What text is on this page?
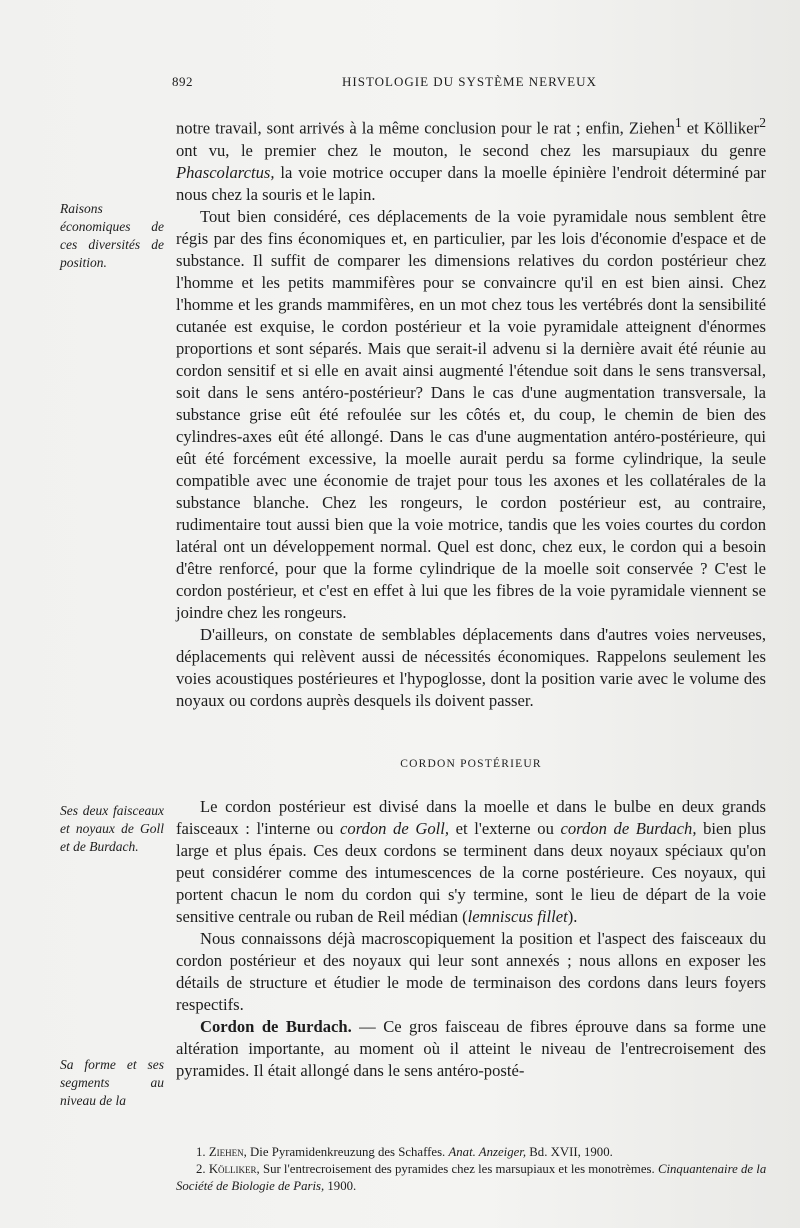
892	HISTOLOGIE DU SYSTÈME NERVEUX
Raisons économiques de ces diversités de position.
Ses deux faisceaux et noyaux de Goll et de Burdach.
Sa forme et ses segments au niveau de la

notre travail, sont arrivés à la même conclusion pour le rat ; enfin, Ziehen$^1$ et Kölliker$^2$ ont vu, le premier chez le mouton, le second chez les marsupiaux du genre Phascolarctus, la voie motrice occuper dans la moelle épinière l'endroit déterminé par nous chez la souris et le lapin.

Tout bien considéré, ces déplacements de la voie pyramidale nous semblent être régis par des fins économiques et, en particulier, par les lois d'économie d'espace et de substance. Il suffit de comparer les dimensions relatives du cordon postérieur chez l'homme et les petits mammifères pour se convaincre qu'il en est bien ainsi. Chez l'homme et les grands mammifères, en un mot chez tous les vertébrés dont la sensibilité cutanée est exquise, le cordon postérieur et la voie pyramidale atteignent d'énormes proportions et sont séparés. Mais que serait-il advenu si la dernière avait été réunie au cordon sensitif et si elle en avait ainsi augmenté l'étendue soit dans le sens transversal, soit dans le sens antéro-postérieur? Dans le cas d'une augmentation transversale, la substance grise eût été refoulée sur les côtés et, du coup, le chemin de bien des cylindres-axes eût été allongé. Dans le cas d'une augmentation antéro-postérieure, qui eût été forcément excessive, la moelle aurait perdu sa forme cylindrique, la seule compatible avec une économie de trajet pour tous les axones et les collatérales de la substance blanche. Chez les rongeurs, le cordon postérieur est, au contraire, rudimentaire tout aussi bien que la voie motrice, tandis que les voies courtes du cordon latéral ont un développement normal. Quel est donc, chez eux, le cordon qui a besoin d'être renforcé, pour que la forme cylindrique de la moelle soit conservée ? C'est le cordon postérieur, et c'est en effet à lui que les fibres de la voie pyramidale viennent se joindre chez les rongeurs.

D'ailleurs, on constate de semblables déplacements dans d'autres voies nerveuses, déplacements qui relèvent aussi de nécessités économiques. Rappelons seulement les voies acoustiques postérieures et l'hypoglosse, dont la position varie avec le volume des noyaux ou cordons auprès desquels ils doivent passer.

CORDON POSTÉRIEUR

Le cordon postérieur est divisé dans la moelle et dans le bulbe en deux grands faisceaux : l'interne ou cordon de Goll, et l'externe ou cordon de Burdach, bien plus large et plus épais. Ces deux cordons se terminent dans deux noyaux spéciaux qu'on peut considérer comme des intumescences de la corne postérieure. Ces noyaux, qui portent chacun le nom du cordon qui s'y termine, sont le lieu de départ de la voie sensitive centrale ou ruban de Reil médian (lemniscus fillet).

Nous connaissons déjà macroscopiquement la position et l'aspect des faisceaux du cordon postérieur et des noyaux qui leur sont annexés ; nous allons en exposer les détails de structure et étudier le mode de terminaison des cordons dans leurs foyers respectifs.

Cordon de Burdach. — Ce gros faisceau de fibres éprouve dans sa forme une altération importante, au moment où il atteint le niveau de l'entrecroisement des pyramides. Il était allongé dans le sens antéro-posté-

1. Ziehen, Die Pyramidenkreuzung des Schaffes. Anat. Anzeiger, Bd. XVII, 1900.

2. Kölliker, Sur l'entrecroisement des pyramides chez les marsupiaux et les monotrèmes. Cinquantenaire de la Société de Biologie de Paris, 1900.
